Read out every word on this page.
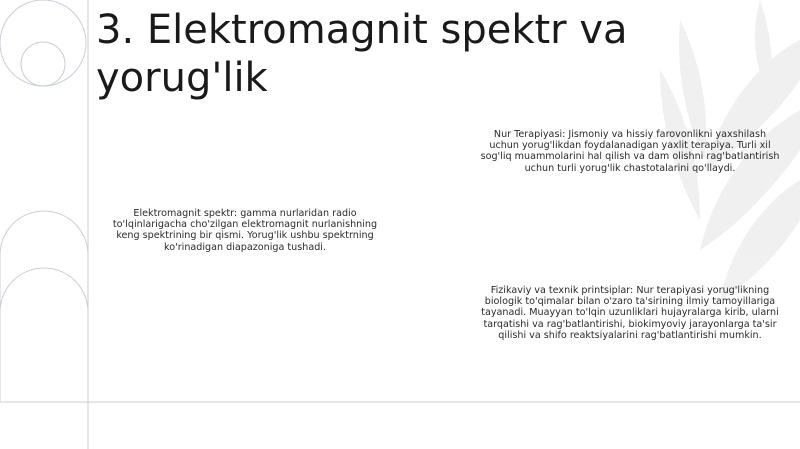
3. Elektromagnit spektr va yorug'lik

Elektromagnit spektr: gamma nurlaridan radio to'lqinlarigacha cho'zilgan elektromagnit nurlanishning keng spektrining bir qismi. Yorug'lik ushbu spektrning ko'rinadigan diapazoniga tushadi.

Nur Terapiyasi: Jismoniy va hissiy farovonlikni yaxshilash uchun yorug'likdan foydalanadigan yaxlit terapiya. Turli xil sog'liq muammolarini hal qilish va dam olishni rag'batlantirish uchun turli yorug'lik chastotalarini qo'llaydi.

Fizikaviy va texnik printsiplar: Nur terapiyasi yorug'likning biologik to'qimalar bilan o'zaro ta'sirining ilmiy tamoyillariga tayanadi. Muayyan to'lqin uzunliklari hujayralarga kirib, ularni tarqatishi va rag'batlantirishi, biokimyoviy jarayonlarga ta'sir qilishi va shifo reaktsiyalarini rag'batlantirishi mumkin.
